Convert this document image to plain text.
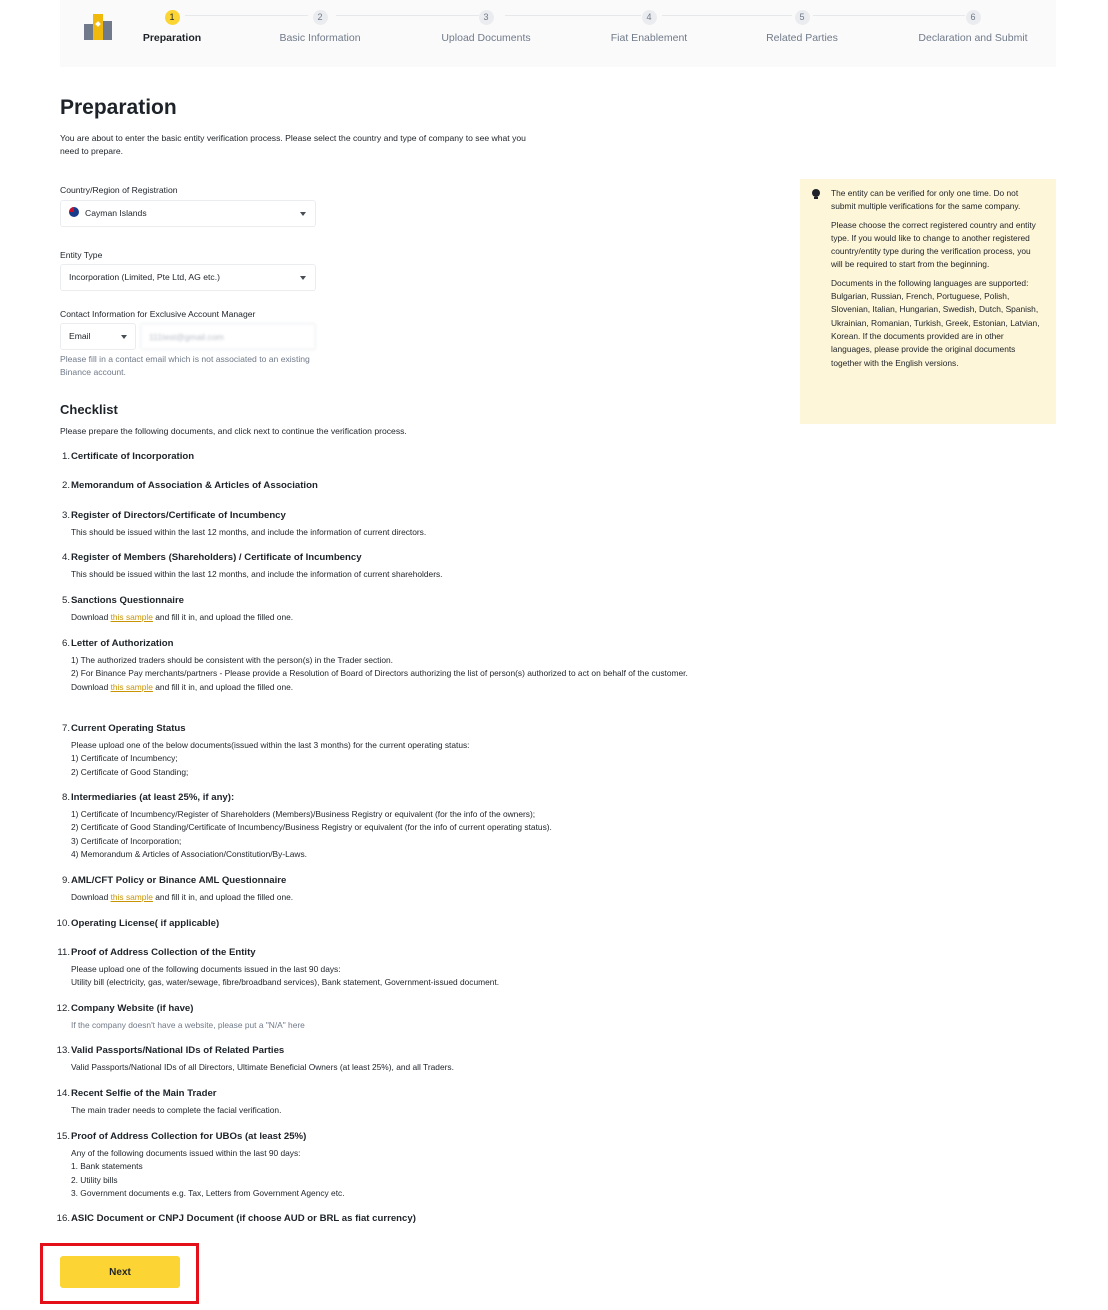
1
Preparation
2
Basic Information
3
Upload Documents
4
Fiat Enablement
5
Related Parties
6
Declaration and Submit
Preparation

You are about to enter the basic entity verification process. Please select the country and type of company to see what you need to prepare.

Country/Region of Registration
Cayman Islands
Entity Type
Incorporation (Limited, Pte Ltd, AG etc.)
Contact Information for Exclusive Account Manager
Email
111test@gmail.com
Please fill in a contact email which is not associated to an existing Binance account.
Checklist
Please prepare the following documents, and click next to continue the verification process.
1. Certificate of Incorporation
2. Memorandum of Association & Articles of Association
3. Register of Directors/Certificate of Incumbency
This should be issued within the last 12 months, and include the information of current directors.
4. Register of Members (Shareholders) / Certificate of Incumbency
This should be issued within the last 12 months, and include the information of current shareholders.
5. Sanctions Questionnaire
Download this sample and fill it in, and upload the filled one.
6. Letter of Authorization
1) The authorized traders should be consistent with the person(s) in the Trader section.
2) For Binance Pay merchants/partners - Please provide a Resolution of Board of Directors authorizing the list of person(s) authorized to act on behalf of the customer.
Download this sample and fill it in, and upload the filled one.
7. Current Operating Status
Please upload one of the below documents(issued within the last 3 months) for the current operating status:
1) Certificate of Incumbency;
2) Certificate of Good Standing;
8. Intermediaries (at least 25%, if any):
1) Certificate of Incumbency/Register of Shareholders (Members)/Business Registry or equivalent (for the info of the owners);
2) Certificate of Good Standing/Certificate of Incumbency/Business Registry or equivalent (for the info of current operating status).
3) Certificate of Incorporation;
4) Memorandum & Articles of Association/Constitution/By-Laws.
9. AML/CFT Policy or Binance AML Questionnaire
Download this sample and fill it in, and upload the filled one.
10. Operating License( if applicable)
11. Proof of Address Collection of the Entity
Please upload one of the following documents issued in the last 90 days:
Utility bill (electricity, gas, water/sewage, fibre/broadband services), Bank statement, Government-issued document.
12. Company Website (if have)
If the company doesn't have a website, please put a "N/A" here
13. Valid Passports/National IDs of Related Parties
Valid Passports/National IDs of all Directors, Ultimate Beneficial Owners (at least 25%), and all Traders.
14. Recent Selfie of the Main Trader
The main trader needs to complete the facial verification.
15. Proof of Address Collection for UBOs (at least 25%)
Any of the following documents issued within the last 90 days:
1. Bank statements
2. Utility bills
3. Government documents e.g. Tax, Letters from Government Agency etc.
16. ASIC Document or CNPJ Document (if choose AUD or BRL as fiat currency)

The entity can be verified for only one time. Do not submit multiple verifications for the same company.

Please choose the correct registered country and entity type. If you would like to change to another registered country/entity type during the verification process, you will be required to start from the beginning.

Documents in the following languages are supported: Bulgarian, Russian, French, Portuguese, Polish, Slovenian, Italian, Hungarian, Swedish, Dutch, Spanish, Ukrainian, Romanian, Turkish, Greek, Estonian, Latvian, Korean. If the documents provided are in other languages, please provide the original documents together with the English versions.

Next
